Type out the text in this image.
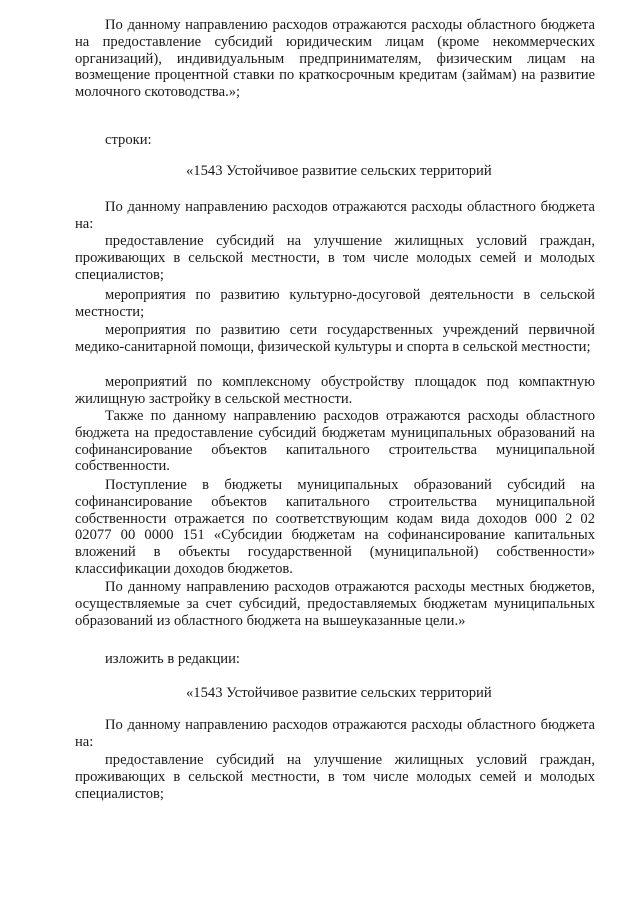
По данному направлению расходов отражаются расходы областного бюджета на предоставление субсидий юридическим лицам (кроме некоммерческих организаций), индивидуальным предпринимателям, физическим лицам на возмещение процентной ставки по краткосрочным кредитам (займам) на развитие молочного скотоводства.»;

строки:

«1543 Устойчивое развитие сельских территорий

По данному направлению расходов отражаются расходы областного бюджета на:

предоставление субсидий на улучшение жилищных условий граждан, проживающих в сельской местности, в том числе молодых семей и молодых специалистов;

мероприятия по развитию культурно-досуговой деятельности в сельской местности;

мероприятия по развитию сети государственных учреждений первичной медико-санитарной помощи, физической культуры и спорта в сельской местности;

мероприятий по комплексному обустройству площадок под компактную жилищную застройку в сельской местности.

Также по данному направлению расходов отражаются расходы областного бюджета на предоставление субсидий бюджетам муниципальных образований на софинансирование объектов капитального строительства муниципальной собственности.

Поступление в бюджеты муниципальных образований субсидий на софинансирование объектов капитального строительства муниципальной собственности отражается по соответствующим кодам вида доходов 000 2 02 02077 00 0000 151 «Субсидии бюджетам на софинансирование капитальных вложений в объекты государственной (муниципальной) собственности» классификации доходов бюджетов.

По данному направлению расходов отражаются расходы местных бюджетов, осуществляемые за счет субсидий, предоставляемых бюджетам муниципальных образований из областного бюджета на вышеуказанные цели.»

изложить в редакции:

«1543 Устойчивое развитие сельских территорий

По данному направлению расходов отражаются расходы областного бюджета на:

предоставление субсидий на улучшение жилищных условий граждан, проживающих в сельской местности, в том числе молодых семей и молодых специалистов;
